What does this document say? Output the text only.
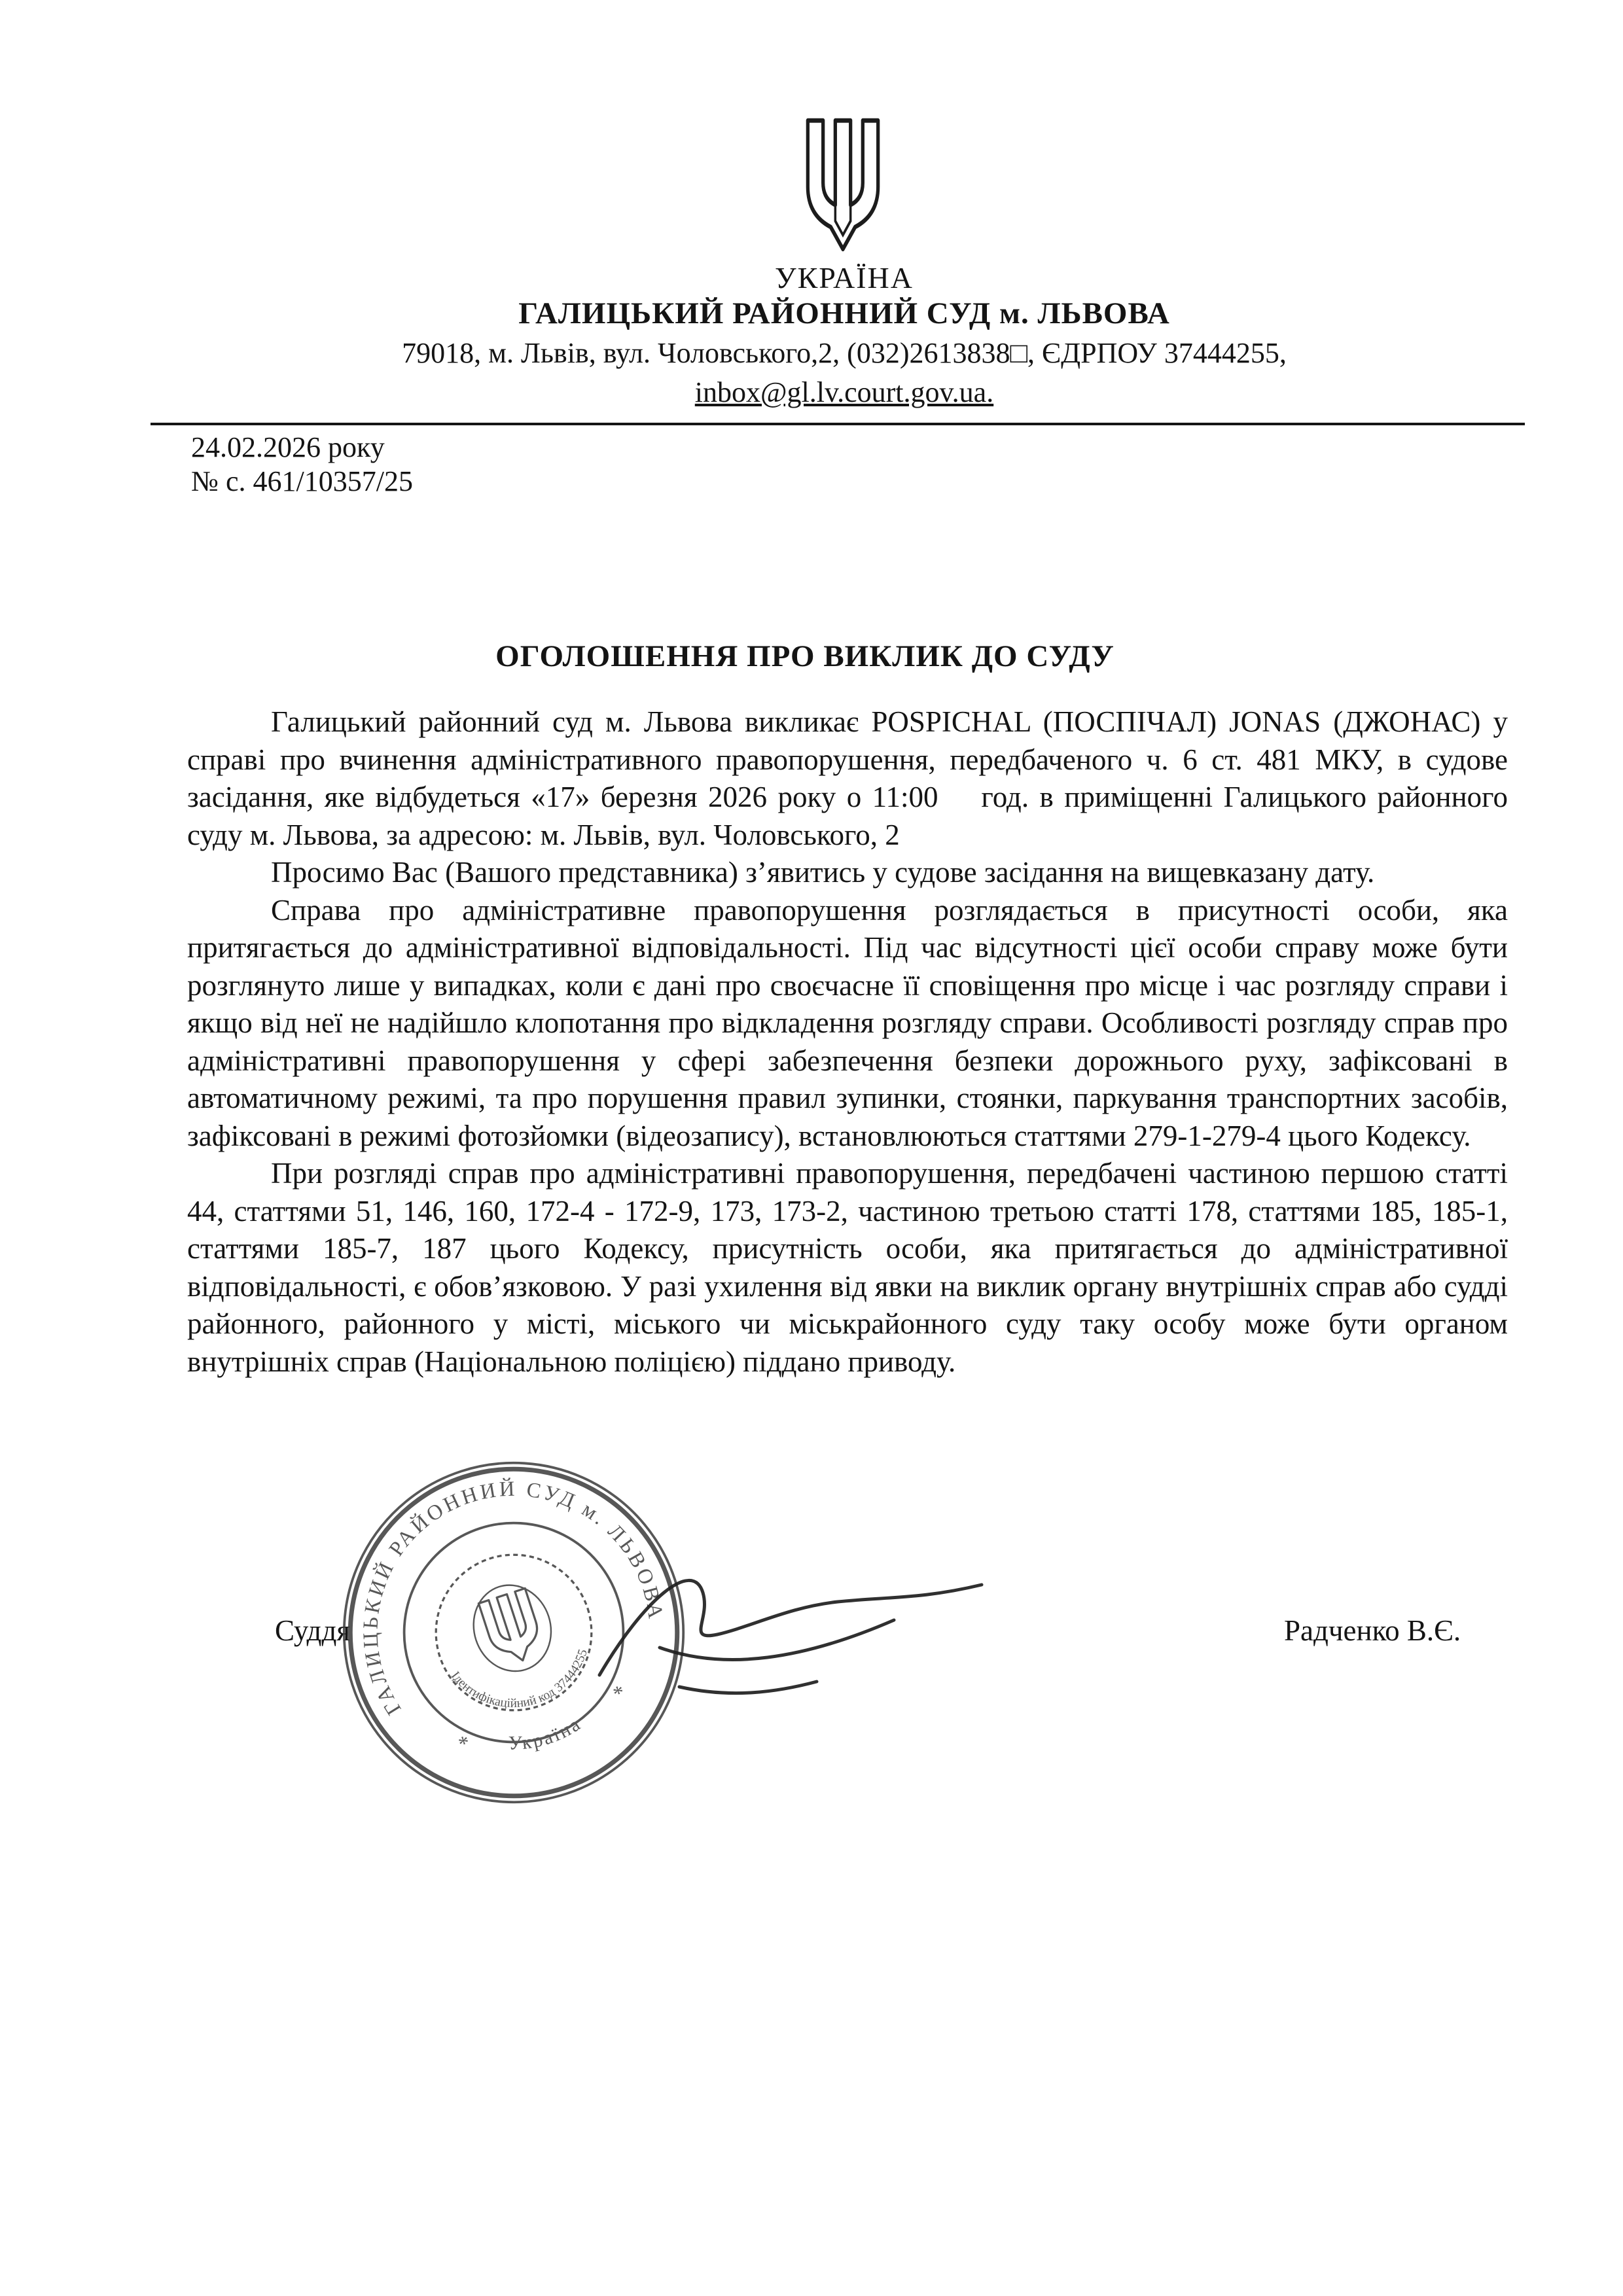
УКРАЇНА
ГАЛИЦЬКИЙ РАЙОННИЙ СУД м. ЛЬВОВА
79018, м. Львів, вул. Чоловського,2, (032)2613838□, ЄДРПОУ 37444255,
inbox@gl.lv.court.gov.ua.
24.02.2026 року
№ с. 461/10357/25
ОГОЛОШЕННЯ ПРО ВИКЛИК ДО СУДУ

Галицький районний суд м. Львова викликає POSPICHAL (ПОСПІЧАЛ) JONAS (ДЖОНАС) у справі про вчинення адміністративного правопорушення, передбаченого ч. 6 ст. 481 МКУ, в судове засідання, яке відбудеться «17» березня 2026 року о 11:00    год. в приміщенні Галицького районного суду м. Львова, за адресою: м. Львів, вул. Чоловського, 2

Просимо Вас (Вашого представника) з’явитись у судове засідання на вищевказану дату.

Справа про адміністративне правопорушення розглядається в присутності особи, яка притягається до адміністративної відповідальності. Під час відсутності цієї особи справу може бути розглянуто лише у випадках, коли є дані про своєчасне її сповіщення про місце і час розгляду справи і якщо від неї не надійшло клопотання про відкладення розгляду справи. Особливості розгляду справ про адміністративні правопорушення у сфері забезпечення безпеки дорожнього руху, зафіксовані в автоматичному режимі, та про порушення правил зупинки, стоянки, паркування транспортних засобів, зафіксовані в режимі фотозйомки (відеозапису), встановлюються статтями 279-1-279-4 цього Кодексу.

При розгляді справ про адміністративні правопорушення, передбачені частиною першою статті 44, статтями 51, 146, 160, 172-4 - 172-9, 173, 173-2, частиною третьою статті 178, статтями 185, 185-1, статтями 185-7, 187 цього Кодексу, присутність особи, яка притягається до адміністративної відповідальності, є обов’язковою. У разі ухилення від явки на виклик органу внутрішніх справ або судді районного, районного у місті, міського чи міськрайонного суду таку особу може бути органом внутрішніх справ (Національною поліцією) піддано приводу.

Суддя	Радченко В.Є.
ГАЛИЦЬКИЙ РАЙОННИЙ СУД м. ЛЬВОВА
Україна
Ідентифікаційний код 37444255
*
*
